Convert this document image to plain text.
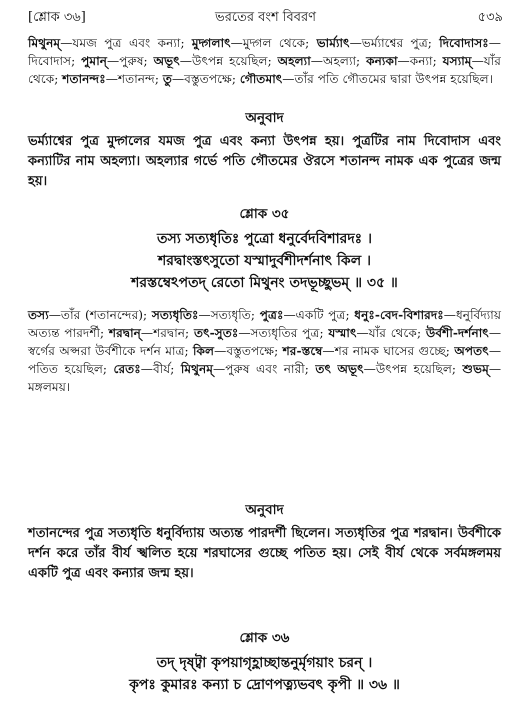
[শ্লোক ৩৬]	ভরতের বংশ বিবরণ	৫৩৯

মিথুনম্—যমজ পুত্র এবং কন্যা; মুদ্গলাৎ—মুদ্গল থেকে; ভার্ম্যাৎ—ভর্ম্যাশ্বের পুত্র; দিবোদাসঃ—দিবোদাস; পুমান্—পুরুষ; অভূৎ—উৎপন্ন হয়েছিল; অহল্যা—অহল্যা; কন্যকা—কন্যা; যস্যাম্—যাঁর থেকে; শতানন্দঃ—শতানন্দ; তু—বস্তুতপক্ষে; গৌতমাৎ—তাঁর পতি গৌতমের দ্বারা উৎপন্ন হয়েছিল।

অনুবাদ

ভর্ম্যাশ্বের পুত্র মুদ্গলের যমজ পুত্র এবং কন্যা উৎপন্ন হয়। পুত্রটির নাম দিবোদাস এবং কন্যাটির নাম অহল্যা। অহল্যার গর্ভে পতি গৌতমের ঔরসে শতানন্দ নামক এক পুত্রের জন্ম হয়।

শ্লোক ৩৫
তস্য সত্যধৃতিঃ পুত্রো ধনুর্বেদবিশারদঃ ।
শরদ্বাংস্তৎসুতো যস্মাদুর্বশীদর্শনাৎ কিল ।
শরস্তম্বেঽপতদ্ রেতো মিথুনং তদভূচ্ছুভম্ ॥ ৩৫ ॥

তস্য—তাঁর (শতানন্দের); সত্যধৃতিঃ—সত্যধৃতি; পুত্রঃ—একটি পুত্র; ধনুঃ-বেদ-বিশারদঃ—ধনুর্বিদ্যায় অত্যন্ত পারদর্শী; শরদ্বান্—শরদ্বান; তৎ-সুতঃ—সত্যধৃতির পুত্র; যস্মাৎ—যাঁর থেকে; উর্বশী-দর্শনাৎ—স্বর্গের অপ্সরা উর্বশীকে দর্শন মাত্র; কিল—বস্তুতপক্ষে; শর-স্তম্বে—শর নামক ঘাসের গুচ্ছে; অপতৎ—পতিত হয়েছিল; রেতঃ—বীর্য; মিথুনম্—পুরুষ এবং নারী; তৎ অভূৎ—উৎপন্ন হয়েছিল; শুভম্—মঙ্গলময়।

অনুবাদ

শতানন্দের পুত্র সত্যধৃতি ধনুর্বিদ্যায় অত্যন্ত পারদর্শী ছিলেন। সত্যধৃতির পুত্র শরদ্বান। উর্বশীকে দর্শন করে তাঁর বীর্য স্খলিত হয়ে শরঘাসের গুচ্ছে পতিত হয়। সেই বীর্য থেকে সর্বমঙ্গলময় একটি পুত্র এবং কন্যার জন্ম হয়।

শ্লোক ৩৬
তদ্ দৃষ্ট্বা কৃপয়াগৃহ্ণাচ্ছান্তনুর্মৃগয়াং চরন্ ।
কৃপঃ কুমারঃ কন্যা চ দ্রোণপত্ন্যভবৎ কৃপী ॥ ৩৬ ॥
